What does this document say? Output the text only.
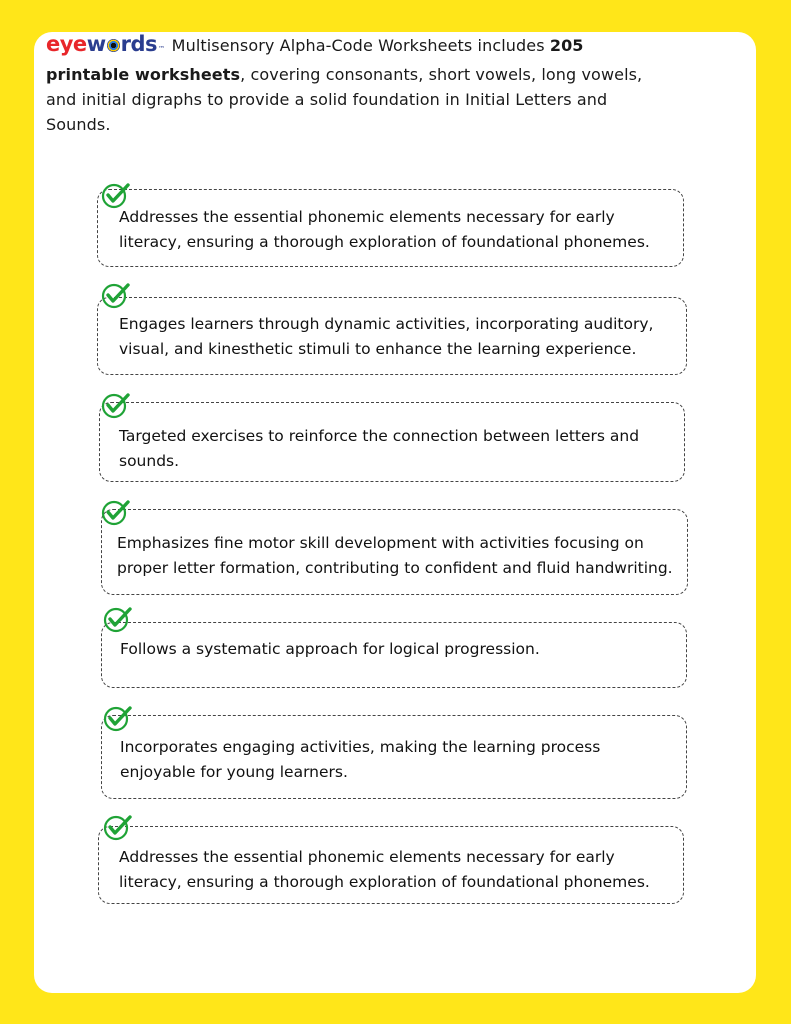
eye w rds ™ Multisensory Alpha-Code Worksheets includes 205 printable worksheets, covering consonants, short vowels, long vowels, and initial digraphs to provide a solid foundation in Initial Letters and Sounds.
Addresses the essential phonemic elements necessary for early literacy, ensuring a thorough exploration of foundational phonemes.
Engages learners through dynamic activities, incorporating auditory, visual, and kinesthetic stimuli to enhance the learning experience.
Targeted exercises to reinforce the connection between letters and sounds.
Emphasizes fine motor skill development with activities focusing on proper letter formation, contributing to confident and fluid handwriting.
Follows a systematic approach for logical progression.
Incorporates engaging activities, making the learning process enjoyable for young learners.
Addresses the essential phonemic elements necessary for early literacy, ensuring a thorough exploration of foundational phonemes.
